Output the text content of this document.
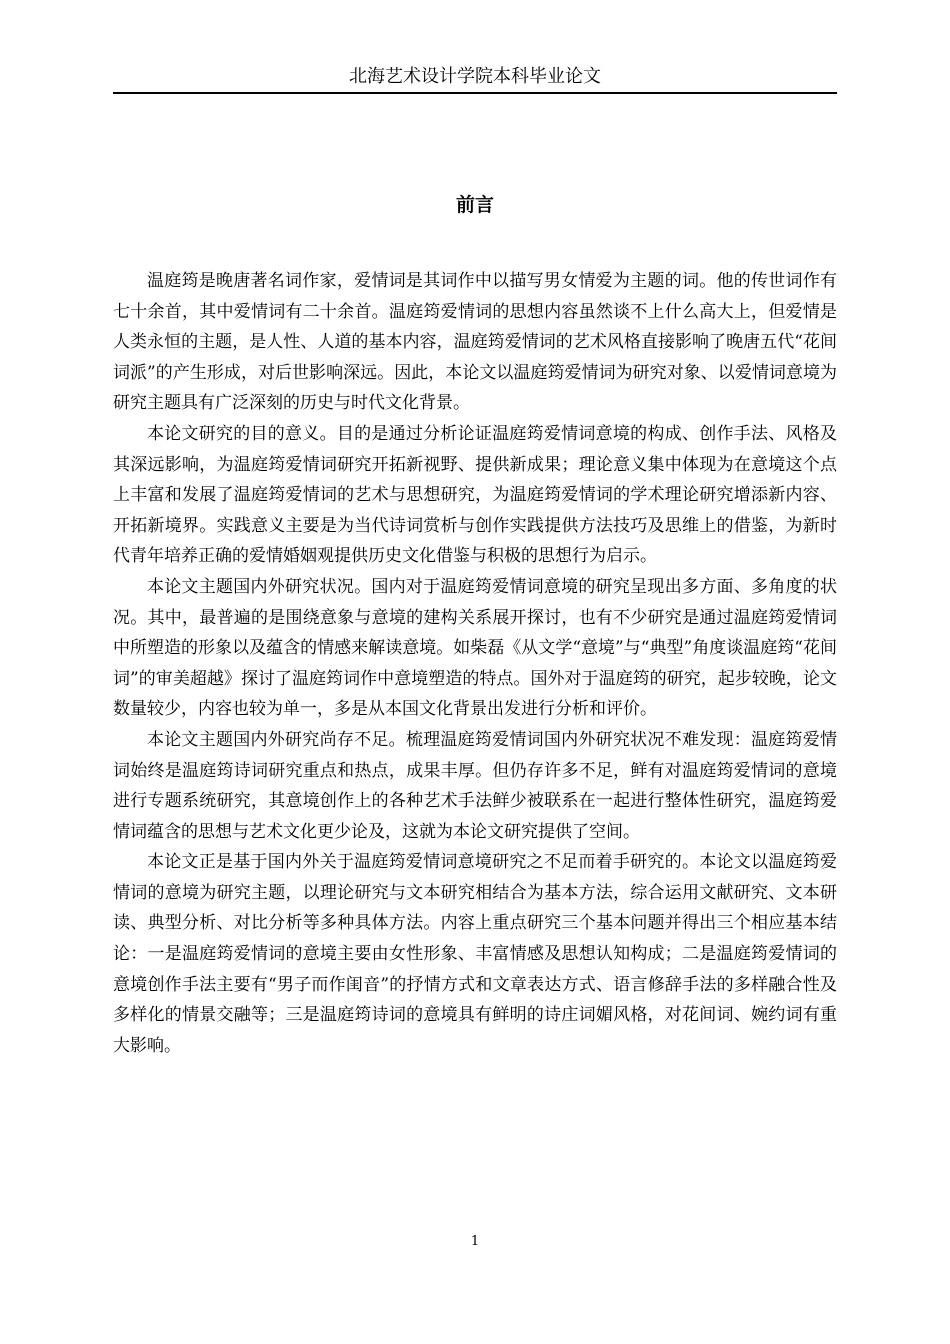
北海艺术设计学院本科毕业论文
前言

温庭筠是晚唐著名词作家，爱情词是其词作中以描写男女情爱为主题的词。他的传世词作有七十余首，其中爱情词有二十余首。温庭筠爱情词的思想内容虽然谈不上什么高大上，但爱情是人类永恒的主题，是人性、人道的基本内容，温庭筠爱情词的艺术风格直接影响了晚唐五代“花间词派”的产生形成，对后世影响深远。因此，本论文以温庭筠爱情词为研究对象、以爱情词意境为研究主题具有广泛深刻的历史与时代文化背景。

本论文研究的目的意义。目的是通过分析论证温庭筠爱情词意境的构成、创作手法、风格及其深远影响，为温庭筠爱情词研究开拓新视野、提供新成果；理论意义集中体现为在意境这个点上丰富和发展了温庭筠爱情词的艺术与思想研究，为温庭筠爱情词的学术理论研究增添新内容、开拓新境界。实践意义主要是为当代诗词赏析与创作实践提供方法技巧及思维上的借鉴，为新时代青年培养正确的爱情婚姻观提供历史文化借鉴与积极的思想行为启示。

本论文主题国内外研究状况。国内对于温庭筠爱情词意境的研究呈现出多方面、多角度的状况。其中，最普遍的是围绕意象与意境的建构关系展开探讨，也有不少研究是通过温庭筠爱情词中所塑造的形象以及蕴含的情感来解读意境。如柴磊《从文学“意境”与“典型”角度谈温庭筠“花间词”的审美超越》探讨了温庭筠词作中意境塑造的特点。国外对于温庭筠的研究，起步较晚，论文数量较少，内容也较为单一，多是从本国文化背景出发进行分析和评价。

本论文主题国内外研究尚存不足。梳理温庭筠爱情词国内外研究状况不难发现：温庭筠爱情词始终是温庭筠诗词研究重点和热点，成果丰厚。但仍存许多不足，鲜有对温庭筠爱情词的意境进行专题系统研究，其意境创作上的各种艺术手法鲜少被联系在一起进行整体性研究，温庭筠爱情词蕴含的思想与艺术文化更少论及，这就为本论文研究提供了空间。

本论文正是基于国内外关于温庭筠爱情词意境研究之不足而着手研究的。本论文以温庭筠爱情词的意境为研究主题，以理论研究与文本研究相结合为基本方法，综合运用文献研究、文本研读、典型分析、对比分析等多种具体方法。内容上重点研究三个基本问题并得出三个相应基本结论：一是温庭筠爱情词的意境主要由女性形象、丰富情感及思想认知构成；二是温庭筠爱情词的意境创作手法主要有“男子而作闺音”的抒情方式和文章表达方式、语言修辞手法的多样融合性及多样化的情景交融等；三是温庭筠诗词的意境具有鲜明的诗庄词媚风格，对花间词、婉约词有重大影响。

1
